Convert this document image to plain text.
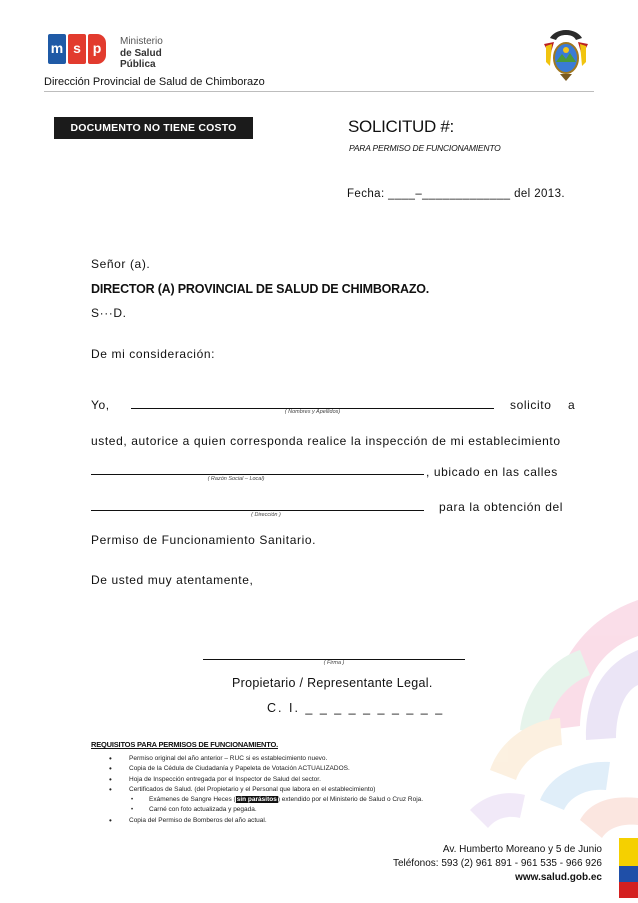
m s p	Ministerio
de Salud Pública
Dirección Provincial de Salud de Chimborazo
DOCUMENTO NO TIENE COSTO	SOLICITUD #:
PARA PERMISO DE FUNCIONAMIENTO
Fecha: ____–_____________ del 2013.
Señor (a).
DIRECTOR (A) PROVINCIAL DE SALUD DE CHIMBORAZO.
S···D.
De mi consideración:
Yo,	( Nombres y Apellidos)	solicito a
usted, autorice a quien corresponda realice la inspección de mi establecimiento
( Razón Social – Local)	, ubicado en las calles
( Dirección )
para la obtención del
Permiso de Funcionamiento Sanitario.
De usted muy atentamente,
( Firma )
Propietario / Representante Legal.
C. I. _ _ _ _ _ _ _ _ _ _
REQUISITOS PARA PERMISOS DE FUNCIONAMIENTO.
• Permiso original del año anterior – RUC si es establecimiento nuevo.
• Copia de la Cédula de Ciudadanía y Papeleta de Votación ACTUALIZADOS.
• Hoja de Inspección entregada por el Inspector de Salud del sector.
• Certificados de Salud. (del Propietario y el Personal que labora en el establecimiento)
• Exámenes de Sangre Heces (sin parásitos) extendido por el Ministerio de Salud o Cruz Roja.
• Carné con foto actualizada y pegada.
• Copia del Permiso de Bomberos del año actual.
Av. Humberto Moreano y 5 de Junio
Teléfonos: 593 (2) 961 891 - 961 535 - 966 926
www.salud.gob.ec
